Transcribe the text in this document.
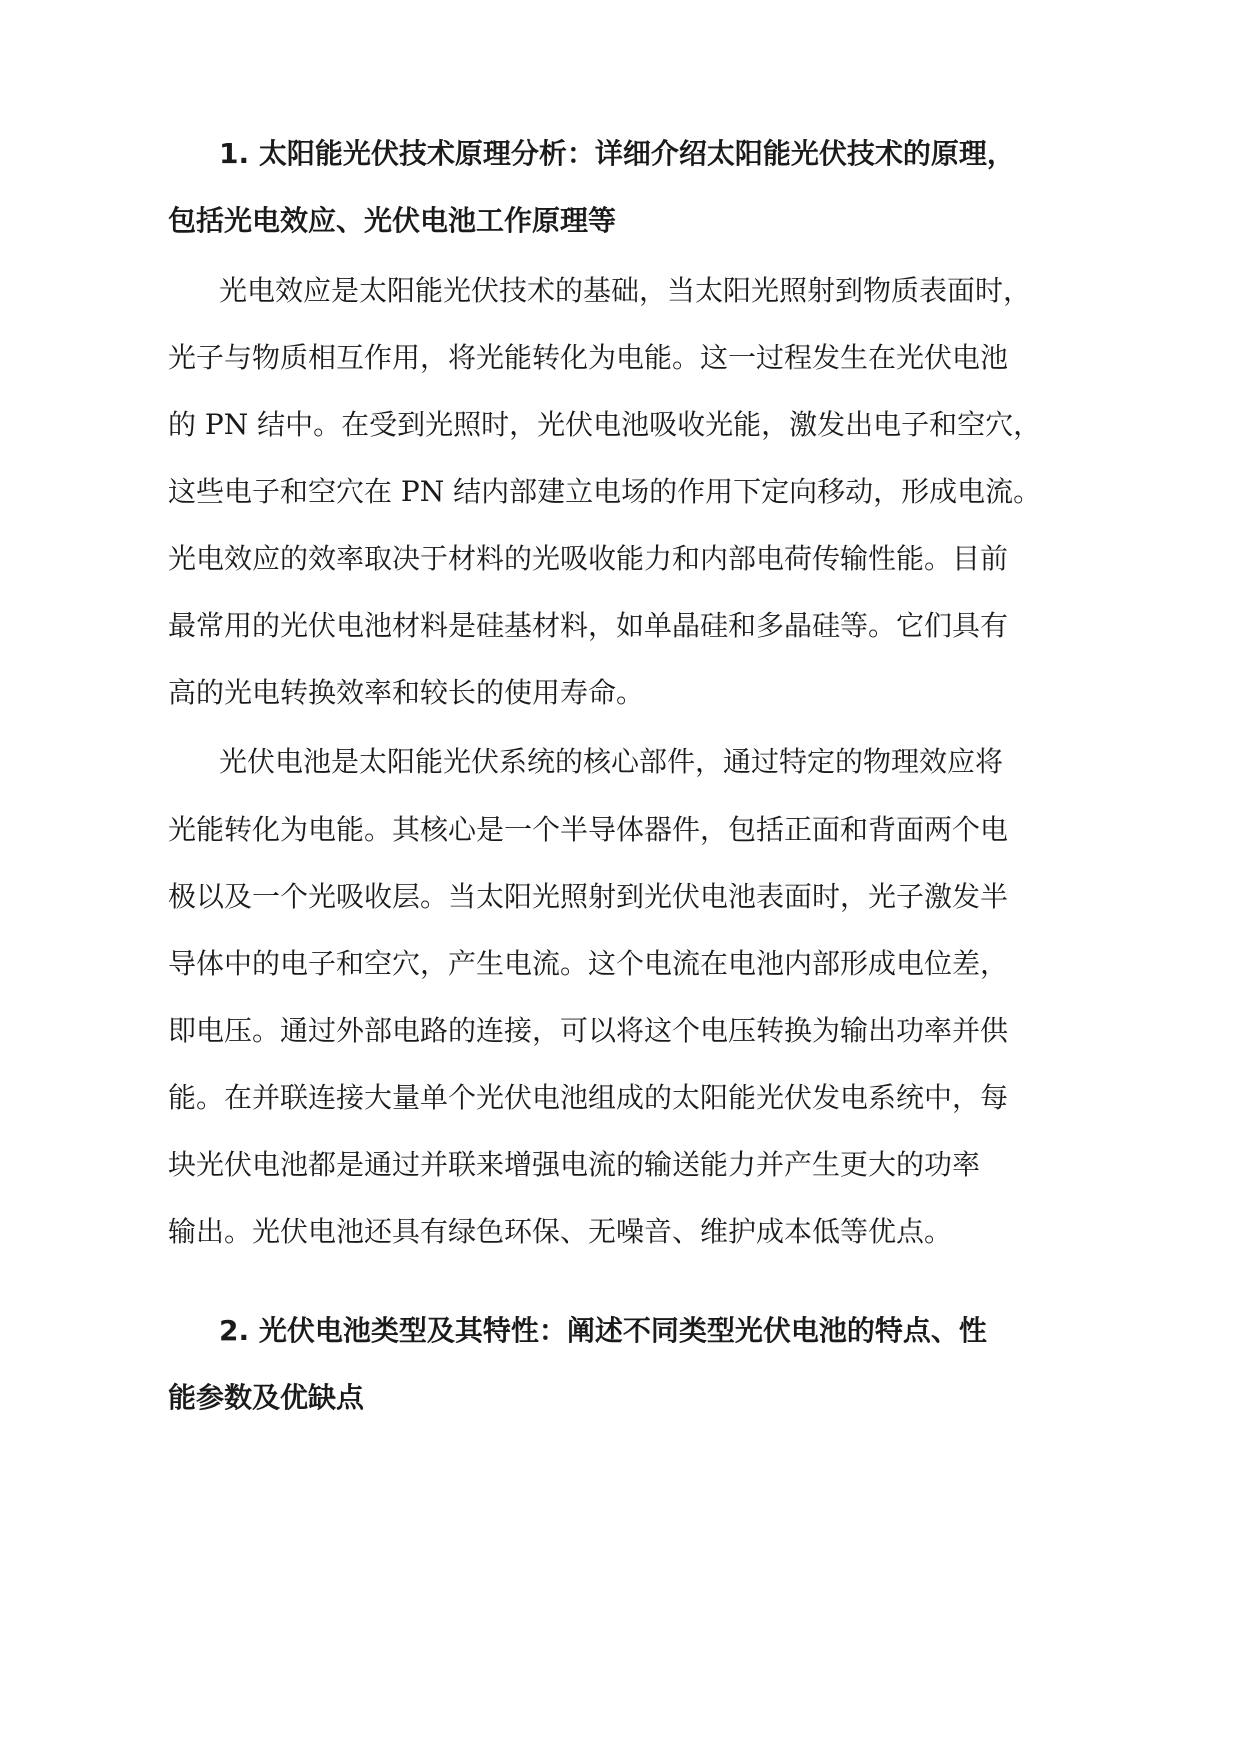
1. 太阳能光伏技术原理分析：详细介绍太阳能光伏技术的原理，
包括光电效应、光伏电池工作原理等
光电效应是太阳能光伏技术的基础，当太阳光照射到物质表面时，
光子与物质相互作用，将光能转化为电能。这一过程发生在光伏电池
的 PN 结中。在受到光照时，光伏电池吸收光能，激发出电子和空穴，
这些电子和空穴在 PN 结内部建立电场的作用下定向移动，形成电流。
光电效应的效率取决于材料的光吸收能力和内部电荷传输性能。目前
最常用的光伏电池材料是硅基材料，如单晶硅和多晶硅等。它们具有
高的光电转换效率和较长的使用寿命。
光伏电池是太阳能光伏系统的核心部件，通过特定的物理效应将
光能转化为电能。其核心是一个半导体器件，包括正面和背面两个电
极以及一个光吸收层。当太阳光照射到光伏电池表面时，光子激发半
导体中的电子和空穴，产生电流。这个电流在电池内部形成电位差，
即电压。通过外部电路的连接，可以将这个电压转换为输出功率并供
能。在并联连接大量单个光伏电池组成的太阳能光伏发电系统中，每
块光伏电池都是通过并联来增强电流的输送能力并产生更大的功率
输出。光伏电池还具有绿色环保、无噪音、维护成本低等优点。
2. 光伏电池类型及其特性：阐述不同类型光伏电池的特点、性
能参数及优缺点
